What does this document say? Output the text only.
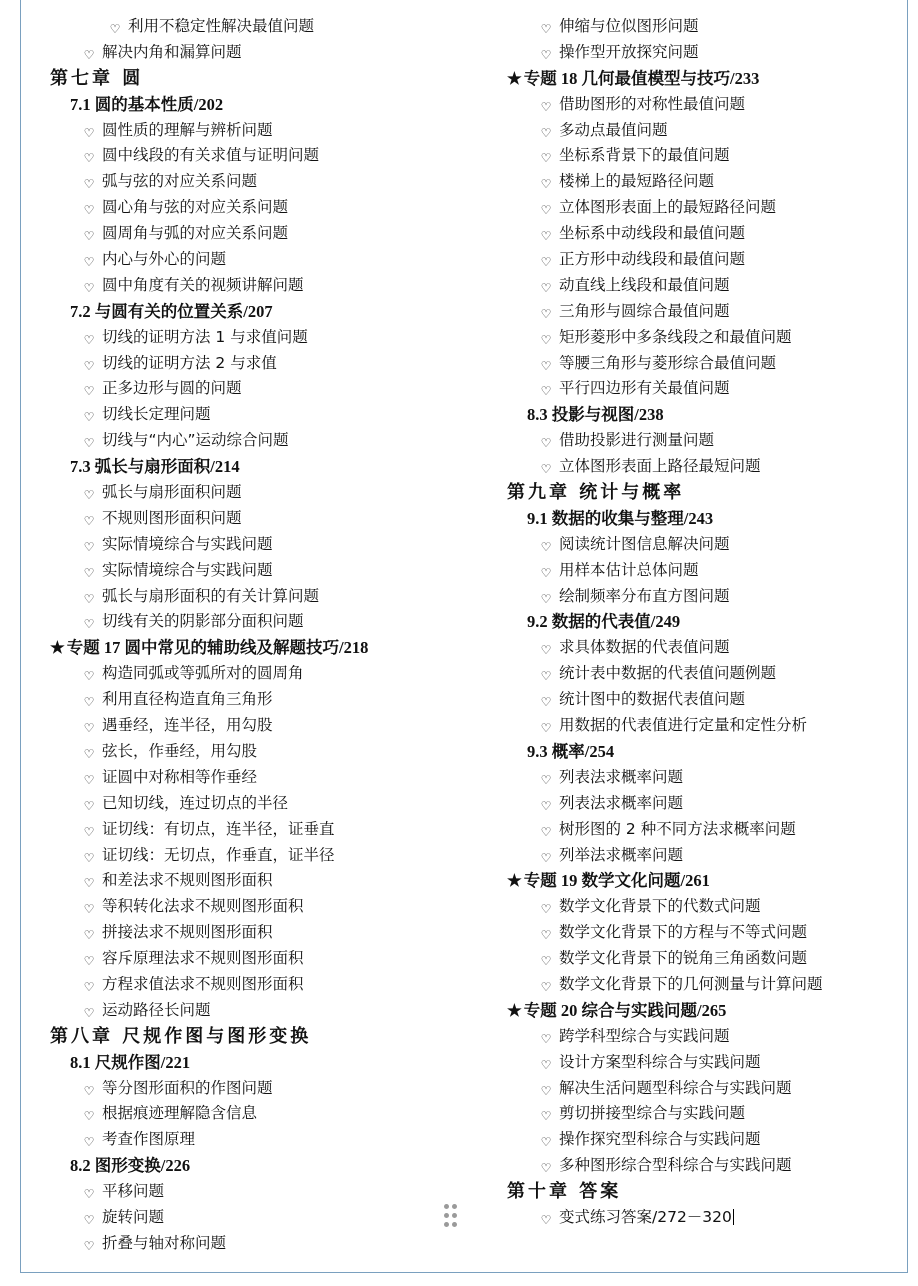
♡ 利用不稳定性解决最值问题
♡ 解决内角和漏算问题
第七章 圆
7.1 圆的基本性质/202
♡ 圆性质的理解与辨析问题
♡ 圆中线段的有关求值与证明问题
♡ 弧与弦的对应关系问题
♡ 圆心角与弦的对应关系问题
♡ 圆周角与弧的对应关系问题
♡ 内心与外心的问题
♡ 圆中角度有关的视频讲解问题
7.2 与圆有关的位置关系/207
♡ 切线的证明方法 1 与求值问题
♡ 切线的证明方法 2 与求值
♡ 正多边形与圆的问题
♡ 切线长定理问题
♡ 切线与“内心”运动综合问题
7.3 弧长与扇形面积/214
♡ 弧长与扇形面积问题
♡ 不规则图形面积问题
♡ 实际情境综合与实践问题
♡ 实际情境综合与实践问题
♡ 弧长与扇形面积的有关计算问题
♡ 切线有关的阴影部分面积问题
★ 专题 17 圆中常见的辅助线及解题技巧/218
♡ 构造同弧或等弧所对的圆周角
♡ 利用直径构造直角三角形
♡ 遇垂经，连半径，用勾股
♡ 弦长，作垂经，用勾股
♡ 证圆中对称相等作垂经
♡ 已知切线，连过切点的半径
♡ 证切线：有切点，连半径，证垂直
♡ 证切线：无切点，作垂直，证半径
♡ 和差法求不规则图形面积
♡ 等积转化法求不规则图形面积
♡ 拼接法求不规则图形面积
♡ 容斥原理法求不规则图形面积
♡ 方程求值法求不规则图形面积
♡ 运动路径长问题
第八章 尺规作图与图形变换
8.1 尺规作图/221
♡ 等分图形面积的作图问题
♡ 根据痕迹理解隐含信息
♡ 考查作图原理
8.2 图形变换/226
♡ 平移问题
♡ 旋转问题
♡ 折叠与轴对称问题
♡ 伸缩与位似图形问题
♡ 操作型开放探究问题
★ 专题 18 几何最值模型与技巧/233
♡ 借助图形的对称性最值问题
♡ 多动点最值问题
♡ 坐标系背景下的最值问题
♡ 楼梯上的最短路径问题
♡ 立体图形表面上的最短路径问题
♡ 坐标系中动线段和最值问题
♡ 正方形中动线段和最值问题
♡ 动直线上线段和最值问题
♡ 三角形与圆综合最值问题
♡ 矩形菱形中多条线段之和最值问题
♡ 等腰三角形与菱形综合最值问题
♡ 平行四边形有关最值问题
8.3 投影与视图/238
♡ 借助投影进行测量问题
♡ 立体图形表面上路径最短问题
第九章 统计与概率
9.1 数据的收集与整理/243
♡ 阅读统计图信息解决问题
♡ 用样本估计总体问题
♡ 绘制频率分布直方图问题
9.2 数据的代表值/249
♡ 求具体数据的代表值问题
♡ 统计表中数据的代表值问题例题
♡ 统计图中的数据代表值问题
♡ 用数据的代表值进行定量和定性分析
9.3 概率/254
♡ 列表法求概率问题
♡ 列表法求概率问题
♡ 树形图的 2 种不同方法求概率问题
♡ 列举法求概率问题
★ 专题 19 数学文化问题/261
♡ 数学文化背景下的代数式问题
♡ 数学文化背景下的方程与不等式问题
♡ 数学文化背景下的锐角三角函数问题
♡ 数学文化背景下的几何测量与计算问题
★ 专题 20 综合与实践问题/265
♡ 跨学科型综合与实践问题
♡ 设计方案型科综合与实践问题
♡ 解决生活问题型科综合与实践问题
♡ 剪切拼接型综合与实践问题
♡ 操作探究型科综合与实践问题
♡ 多种图形综合型科综合与实践问题
第十章 答案
♡ 变式练习答案/272－320
